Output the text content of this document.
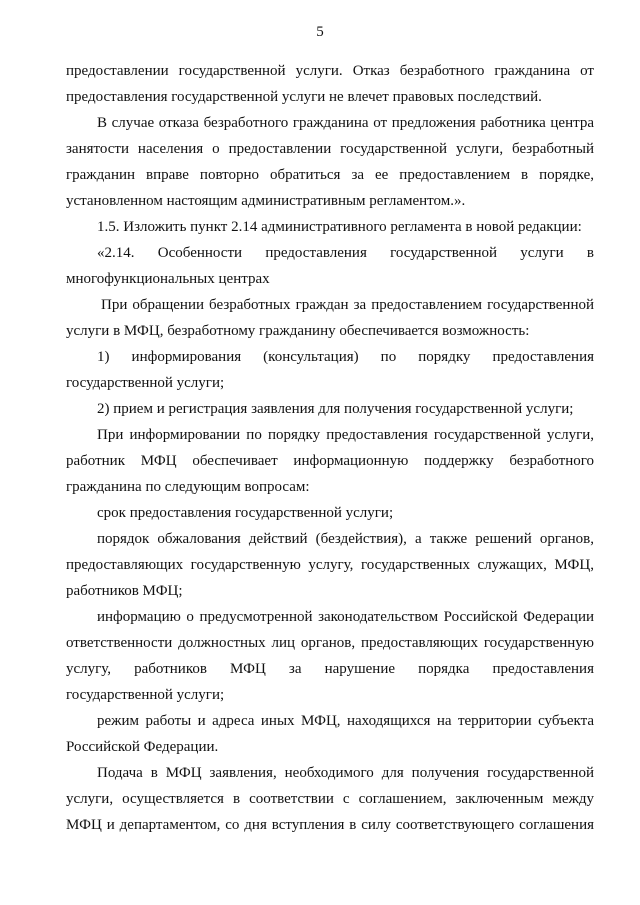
5
предоставлении государственной услуги. Отказ безработного гражданина от
предоставления государственной услуги не влечет правовых последствий.
В случае отказа безработного гражданина от предложения работника центра
занятости населения о предоставлении государственной услуги, безработный
гражданин вправе повторно обратиться за ее предоставлением в порядке,
установленном настоящим административным регламентом.».
1.5. Изложить пункт 2.14 административного регламента в новой редакции:
«2.14. Особенности предоставления государственной услуги в
многофункциональных центрах
При обращении безработных граждан за предоставлением государственной
услуги в МФЦ, безработному гражданину обеспечивается возможность:
1) информирования (консультация) по порядку предоставления
государственной услуги;
2) прием и регистрация заявления для получения государственной услуги;
При информировании по порядку предоставления государственной услуги,
работник МФЦ обеспечивает информационную поддержку безработного
гражданина по следующим вопросам:
срок предоставления государственной услуги;
порядок обжалования действий (бездействия), а также решений органов,
предоставляющих государственную услугу, государственных служащих, МФЦ,
работников МФЦ;
информацию о предусмотренной законодательством Российской Федерации
ответственности должностных лиц органов, предоставляющих государственную
услугу, работников МФЦ за нарушение порядка предоставления
государственной услуги;
режим работы и адреса иных МФЦ, находящихся на территории субъекта
Российской Федерации.
Подача в МФЦ заявления, необходимого для получения государственной
услуги, осуществляется в соответствии с соглашением, заключенным между
МФЦ и департаментом, со дня вступления в силу соответствующего соглашения
